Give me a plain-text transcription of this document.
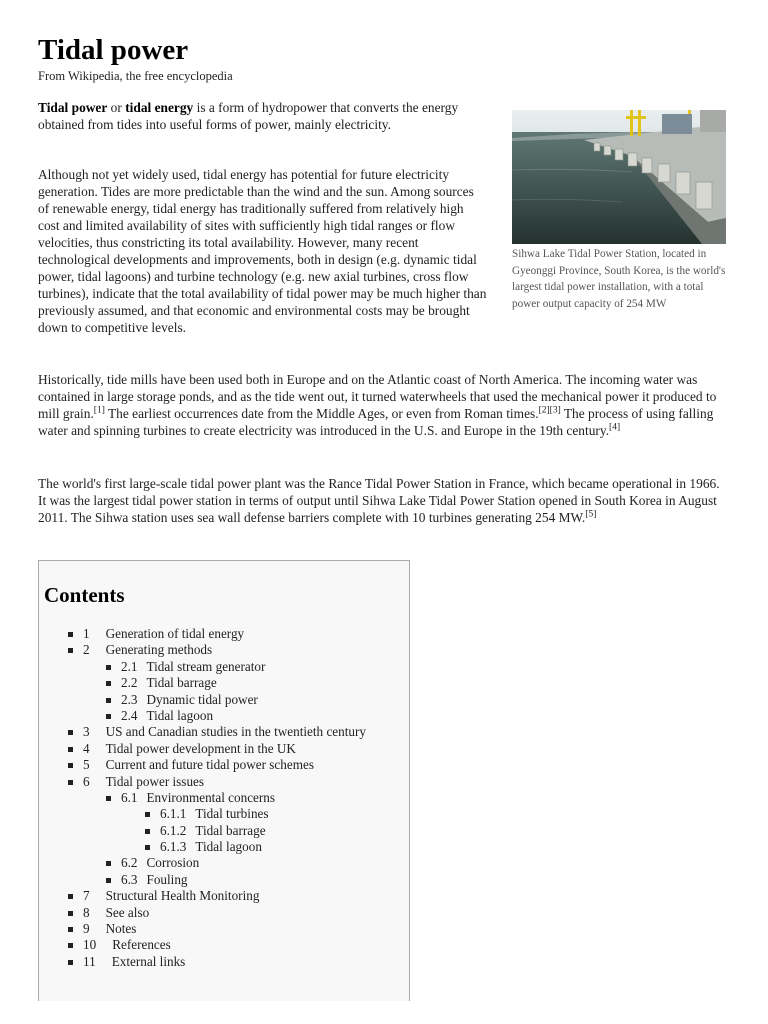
Tidal power
From Wikipedia, the free encyclopedia

Tidal power or tidal energy is a form of hydropower that converts the energy obtained from tides into useful forms of power, mainly electricity.

Although not yet widely used, tidal energy has potential for future electricity generation. Tides are more predictable than the wind and the sun. Among sources of renewable energy, tidal energy has traditionally suffered from relatively high cost and limited availability of sites with sufficiently high tidal ranges or flow velocities, thus constricting its total availability. However, many recent technological developments and improvements, both in design (e.g. dynamic tidal power, tidal lagoons) and turbine technology (e.g. new axial turbines, cross flow turbines), indicate that the total availability of tidal power may be much higher than previously assumed, and that economic and environmental costs may be brought down to competitive levels.

Sihwa Lake Tidal Power Station, located in Gyeonggi Province, South Korea, is the world's largest tidal power installation, with a total power output capacity of 254 MW

Historically, tide mills have been used both in Europe and on the Atlantic coast of North America. The incoming water was contained in large storage ponds, and as the tide went out, it turned waterwheels that used the mechanical power it produced to mill grain.[1] The earliest occurrences date from the Middle Ages, or even from Roman times.[2][3] The process of using falling water and spinning turbines to create electricity was introduced in the U.S. and Europe in the 19th century.[4]

The world's first large-scale tidal power plant was the Rance Tidal Power Station in France, which became operational in 1966. It was the largest tidal power station in terms of output until Sihwa Lake Tidal Power Station opened in South Korea in August 2011. The Sihwa station uses sea wall defense barriers complete with 10 turbines generating 254 MW.[5]

Contents
1 Generation of tidal energy
2 Generating methods
2.1 Tidal stream generator
2.2 Tidal barrage
2.3 Dynamic tidal power
2.4 Tidal lagoon
3 US and Canadian studies in the twentieth century
4 Tidal power development in the UK
5 Current and future tidal power schemes
6 Tidal power issues
6.1 Environmental concerns
6.1.1 Tidal turbines
6.1.2 Tidal barrage
6.1.3 Tidal lagoon
6.2 Corrosion
6.3 Fouling
7 Structural Health Monitoring
8 See also
9 Notes
10 References
11 External links
